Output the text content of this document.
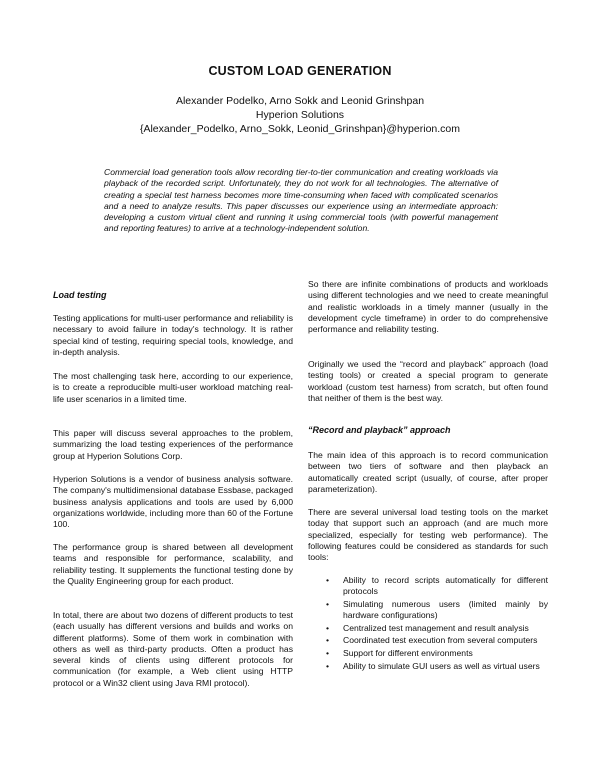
CUSTOM LOAD GENERATION
Alexander Podelko, Arno Sokk and Leonid Grinshpan
Hyperion Solutions
{Alexander_Podelko, Arno_Sokk, Leonid_Grinshpan}@hyperion.com
Commercial load generation tools allow recording tier-to-tier communication and creating workloads via playback of the recorded script. Unfortunately, they do not work for all technologies. The alternative of creating a special test harness becomes more time-consuming when faced with complicated scenarios and a need to analyze results. This paper discusses our experience using an intermediate approach: developing a custom virtual client and running it using commercial tools (with powerful management and reporting features) to arrive at a technology-independent solution.
Load testing

Testing applications for multi-user performance and reliability is necessary to avoid failure in today's technology. It is rather special kind of testing, requiring special tools, knowledge, and in-depth analysis.

The most challenging task here, according to our experience, is to create a reproducible multi-user workload matching real-life user scenarios in a limited time.

This paper will discuss several approaches to the problem, summarizing the load testing experiences of the performance group at Hyperion Solutions Corp.

Hyperion Solutions is a vendor of business analysis software. The company's multidimensional database Essbase, packaged business analysis applications and tools are used by 6,000 organizations worldwide, including more than 60 of the Fortune 100.

The performance group is shared between all development teams and responsible for performance, scalability, and reliability testing. It supplements the functional testing done by the Quality Engineering group for each product.

In total, there are about two dozens of different products to test (each usually has different versions and builds and works on different platforms). Some of them work in combination with others as well as third-party products. Often a product has several kinds of clients using different protocols for communication (for example, a Web client using HTTP protocol or a Win32 client using Java RMI protocol).

So there are infinite combinations of products and workloads using different technologies and we need to create meaningful and realistic workloads in a timely manner (usually in the development cycle timeframe) in order to do comprehensive performance and reliability testing.

Originally we used the “record and playback” approach (load testing tools) or created a special program to generate workload (custom test harness) from scratch, but often found that neither of them is the best way.

“Record and playback” approach

The main idea of this approach is to record communication between two tiers of software and then playback an automatically created script (usually, of course, after proper parameterization).

There are several universal load testing tools on the market today that support such an approach (and are much more specialized, especially for testing web performance). The following features could be considered as standards for such tools:

• Ability to record scripts automatically for different protocols
• Simulating numerous users (limited mainly by hardware configurations)
• Centralized test management and result analysis
• Coordinated test execution from several computers
• Support for different environments
• Ability to simulate GUI users as well as virtual users
